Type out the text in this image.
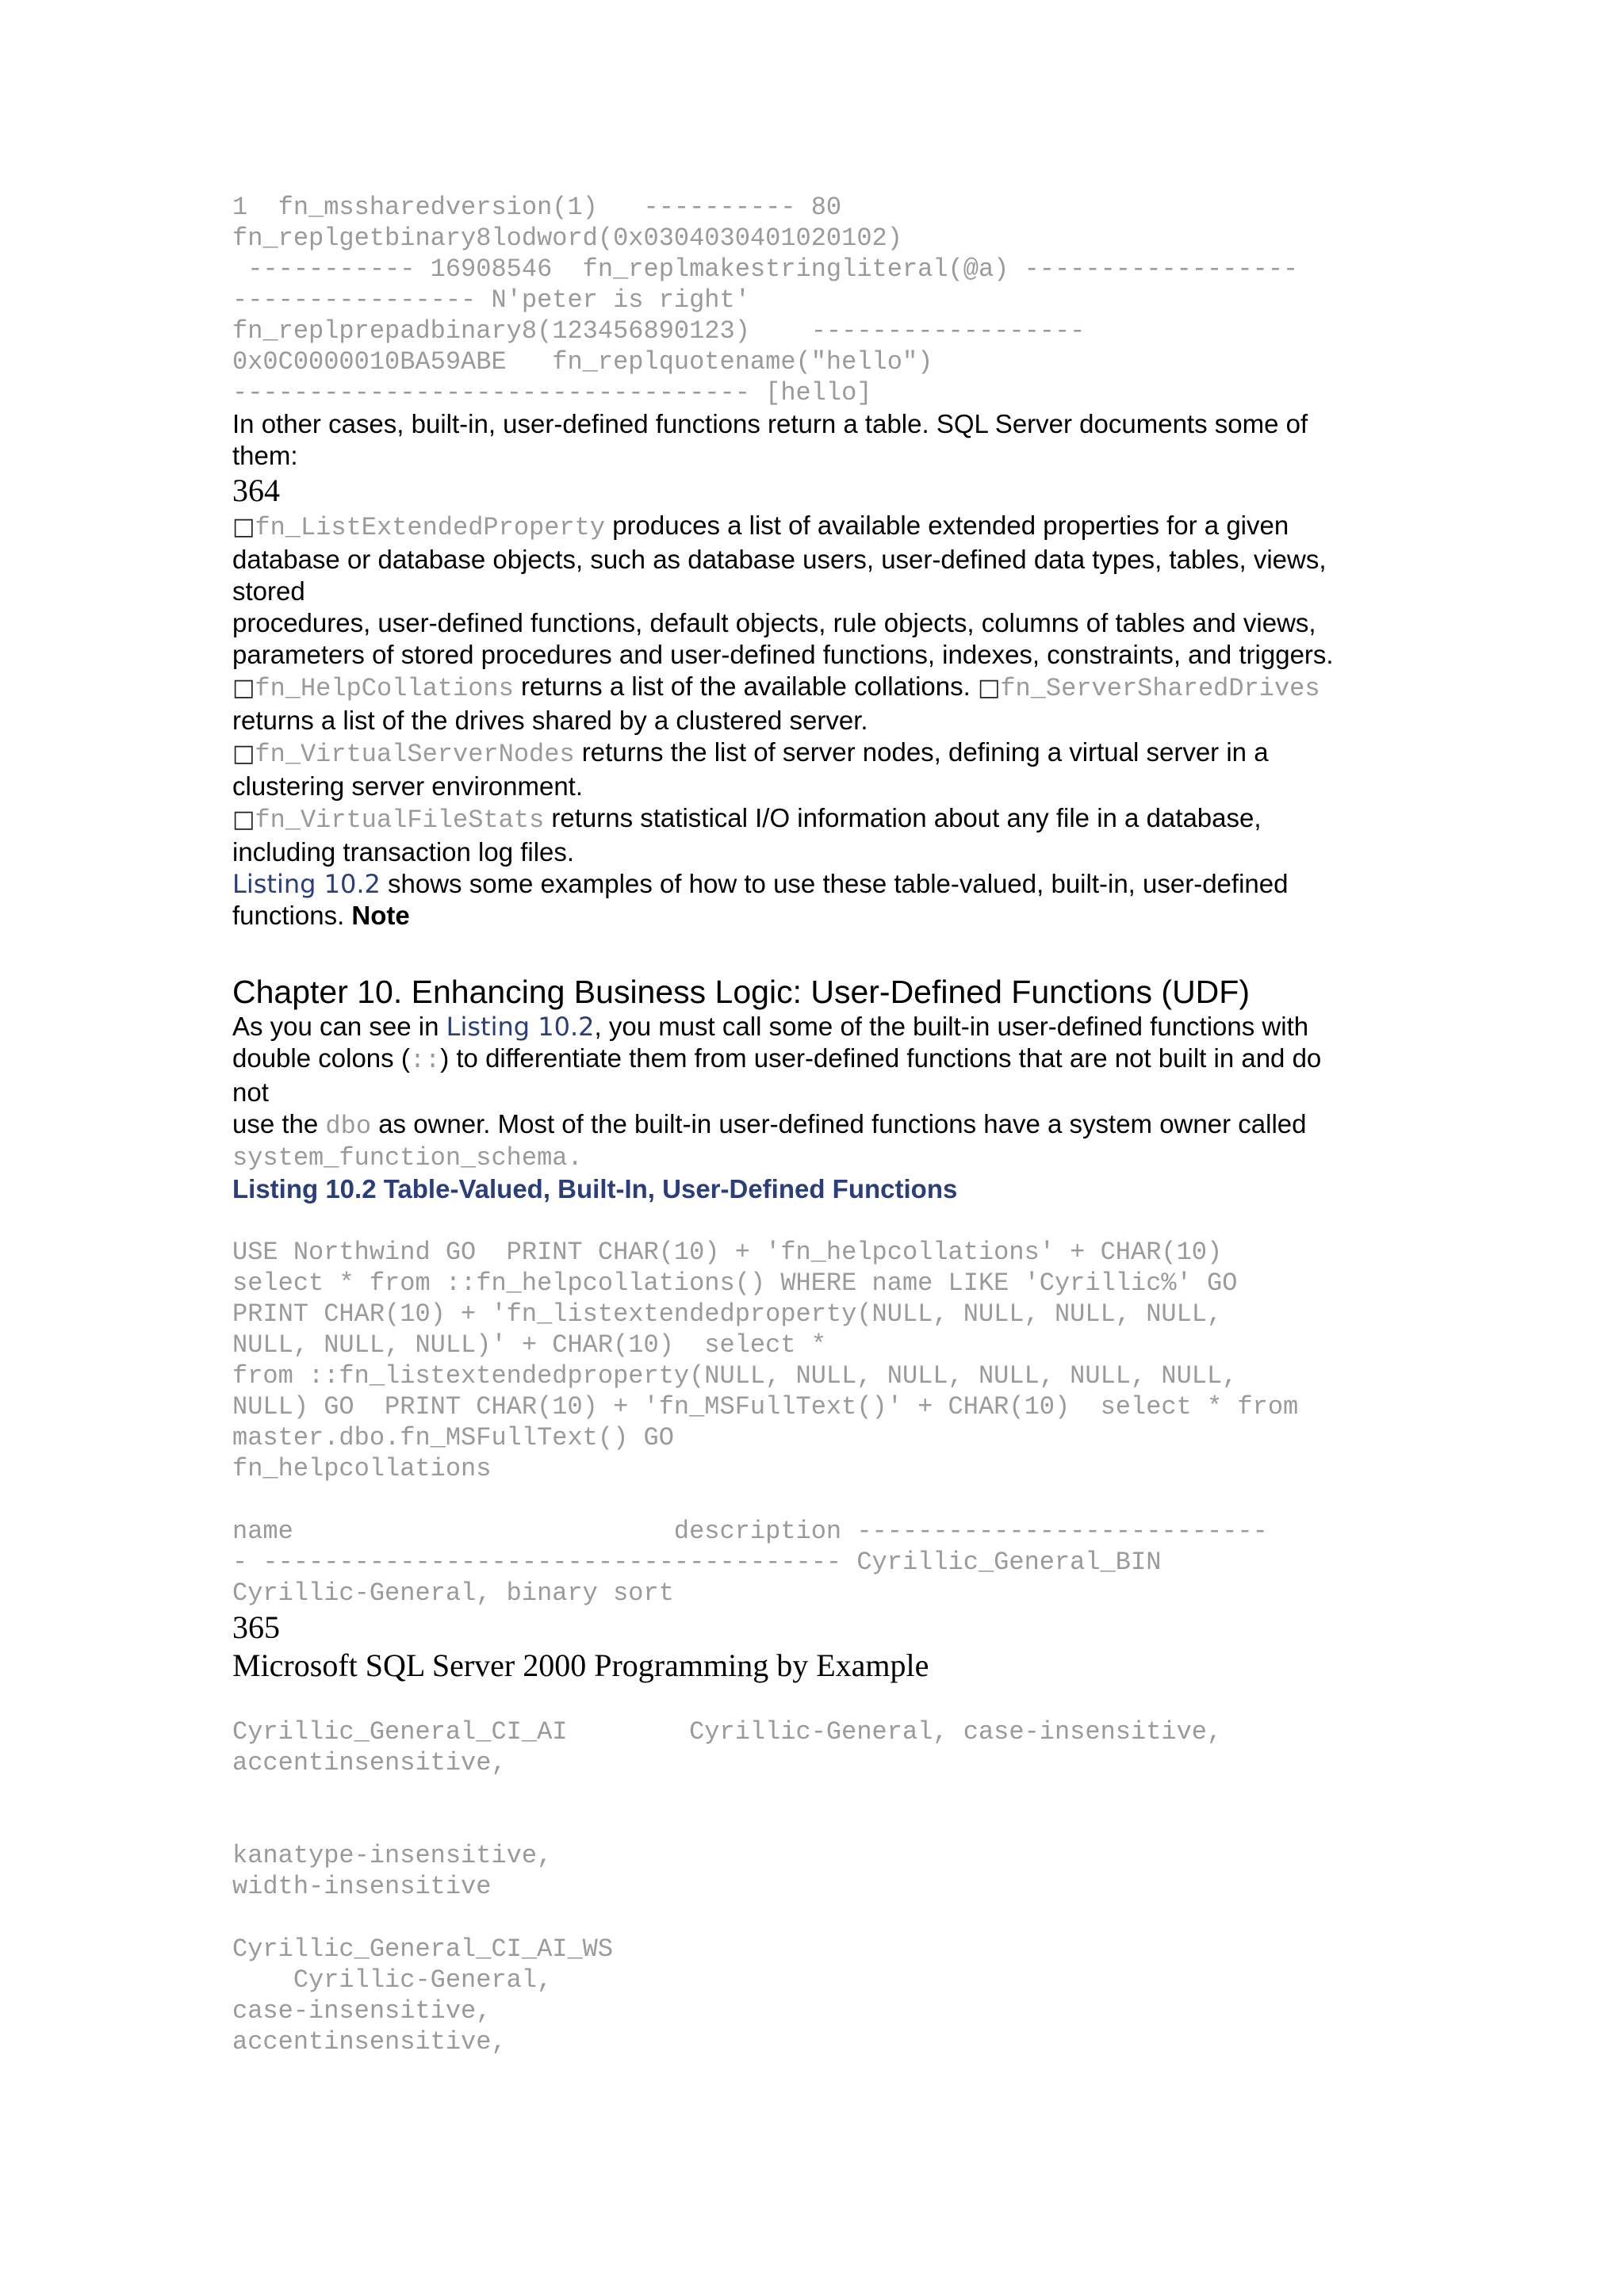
1  fn_mssharedversion(1)   ---------- 80
fn_replgetbinary8lodword(0x0304030401020102)
----------- 16908546  fn_replmakestringliteral(@a) ------------------
---------------- N'peter is right'
fn_replprepadbinary8(123456890123)    ------------------
0x0C0000010BA59ABE   fn_replquotename("hello")
---------------------------------- [hello]
In other cases, built-in, user-defined functions return a table. SQL Server documents some of
them:
364
□fn_ListExtendedProperty produces a list of available extended properties for a given
database or database objects, such as database users, user-defined data types, tables, views,
stored
procedures, user-defined functions, default objects, rule objects, columns of tables and views,
parameters of stored procedures and user-defined functions, indexes, constraints, and triggers.
□fn_HelpCollations returns a list of the available collations. □fn_ServerSharedDrives
returns a list of the drives shared by a clustered server.
□fn_VirtualServerNodes returns the list of server nodes, defining a virtual server in a
clustering server environment.
□fn_VirtualFileStats returns statistical I/O information about any file in a database,
including transaction log files.
Listing 10.2 shows some examples of how to use these table-valued, built-in, user-defined
functions. Note
Chapter 10. Enhancing Business Logic: User-Defined Functions (UDF)
As you can see in Listing 10.2, you must call some of the built-in user-defined functions with
double colons (::) to differentiate them from user-defined functions that are not built in and do
not
use the dbo as owner. Most of the built-in user-defined functions have a system owner called
system_function_schema.
Listing 10.2 Table-Valued, Built-In, User-Defined Functions
USE Northwind GO  PRINT CHAR(10) + 'fn_helpcollations' + CHAR(10)
select * from ::fn_helpcollations() WHERE name LIKE 'Cyrillic%' GO
PRINT CHAR(10) + 'fn_listextendedproperty(NULL, NULL, NULL, NULL,
NULL, NULL, NULL)' + CHAR(10)  select *
from ::fn_listextendedproperty(NULL, NULL, NULL, NULL, NULL, NULL,
NULL) GO  PRINT CHAR(10) + 'fn_MSFullText()' + CHAR(10)  select * from
master.dbo.fn_MSFullText() GO
fn_helpcollations
name                         description ---------------------------
- -------------------------------------- Cyrillic_General_BIN
Cyrillic-General, binary sort
365
Microsoft SQL Server 2000 Programming by Example
Cyrillic_General_CI_AI        Cyrillic-General, case-insensitive,
accentinsensitive,
kanatype-insensitive,
width-insensitive
Cyrillic_General_CI_AI_WS
Cyrillic-General,
case-insensitive,
accentinsensitive,
